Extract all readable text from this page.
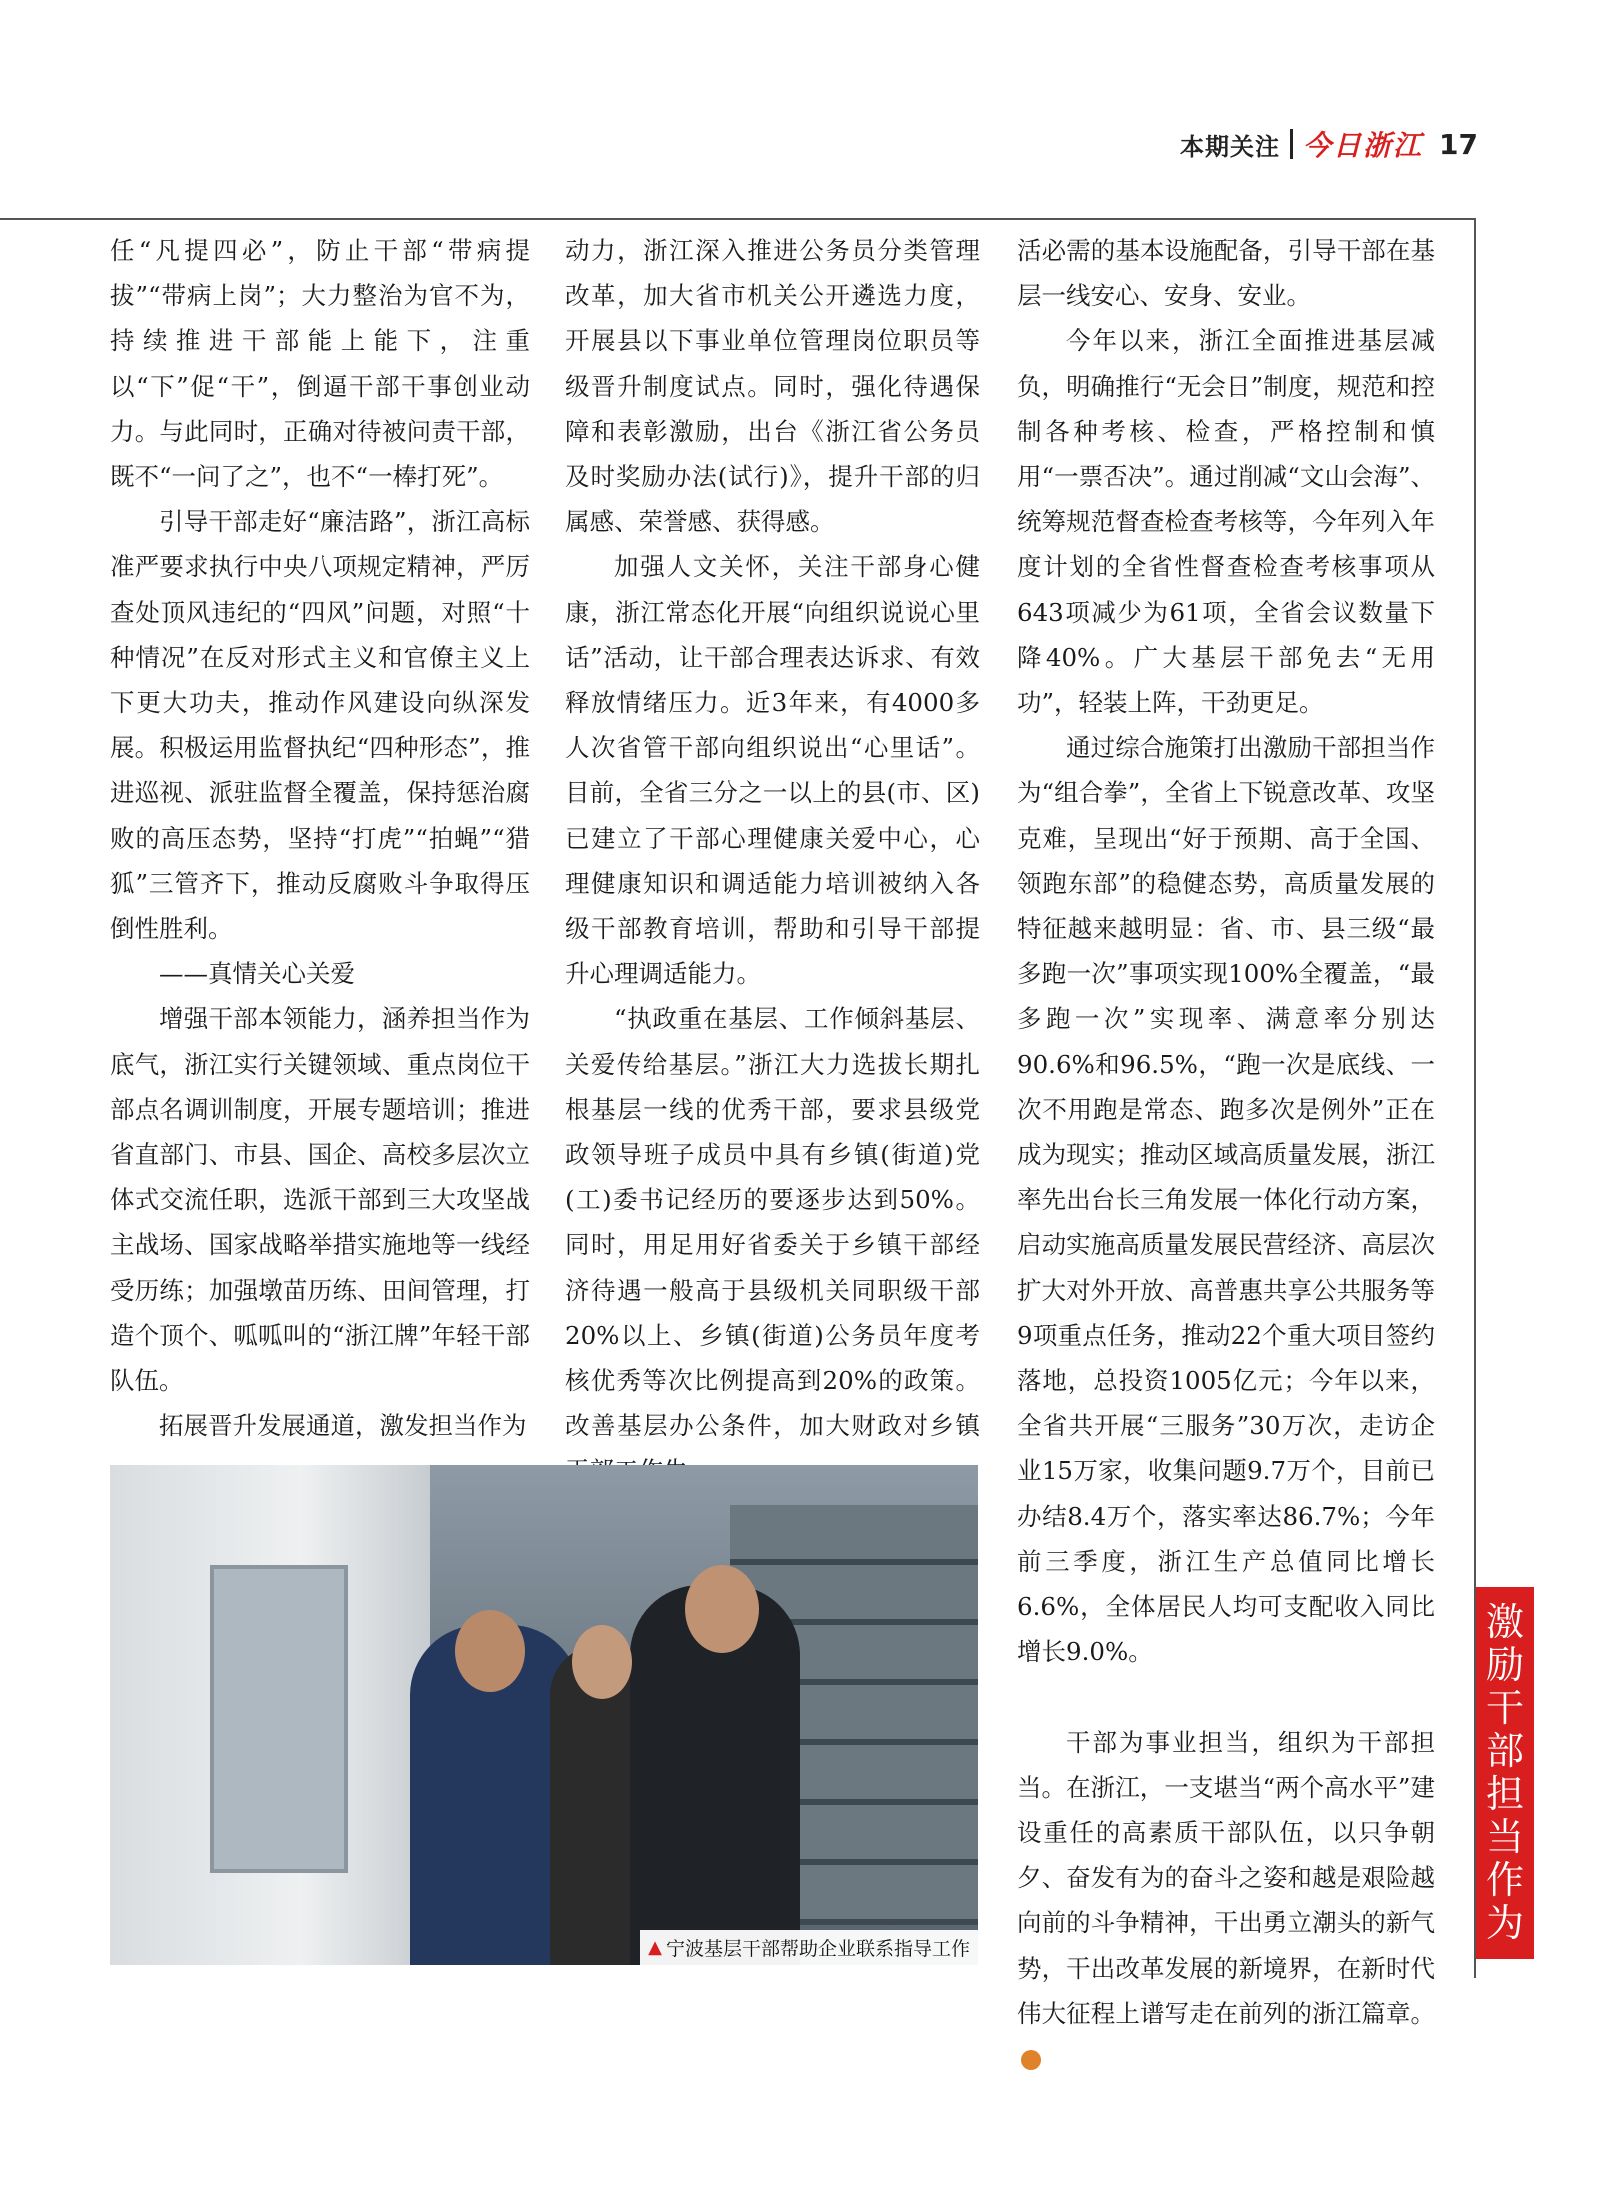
本期关注 今日浙江 17

任“凡提四必”，防止干部“带病提拔”“带病上岗”；大力整治为官不为，持续推进干部能上能下，注重以“下”促“干”，倒逼干部干事创业动力。与此同时，正确对待被问责干部，既不“一问了之”，也不“一棒打死”。

引导干部走好“廉洁路”，浙江高标准严要求执行中央八项规定精神，严厉查处顶风违纪的“四风”问题，对照“十种情况”在反对形式主义和官僚主义上下更大功夫，推动作风建设向纵深发展。积极运用监督执纪“四种形态”，推进巡视、派驻监督全覆盖，保持惩治腐败的高压态势，坚持“打虎”“拍蝇”“猎狐”三管齐下，推动反腐败斗争取得压倒性胜利。

——真情关心关爱

增强干部本领能力，涵养担当作为底气，浙江实行关键领域、重点岗位干部点名调训制度，开展专题培训；推进省直部门、市县、国企、高校多层次立体式交流任职，选派干部到三大攻坚战主战场、国家战略举措实施地等一线经受历练；加强墩苗历练、田间管理，打造个顶个、呱呱叫的“浙江牌”年轻干部队伍。

拓展晋升发展通道，激发担当作为

动力，浙江深入推进公务员分类管理改革，加大省市机关公开遴选力度，开展县以下事业单位管理岗位职员等级晋升制度试点。同时，强化待遇保障和表彰激励，出台《浙江省公务员及时奖励办法(试行)》，提升干部的归属感、荣誉感、获得感。

加强人文关怀，关注干部身心健康，浙江常态化开展“向组织说说心里话”活动，让干部合理表达诉求、有效释放情绪压力。近3年来，有4000多人次省管干部向组织说出“心里话”。目前，全省三分之一以上的县(市、区)已建立了干部心理健康关爱中心，心理健康知识和调适能力培训被纳入各级干部教育培训，帮助和引导干部提升心理调适能力。

“执政重在基层、工作倾斜基层、关爱传给基层。”浙江大力选拔长期扎根基层一线的优秀干部，要求县级党政领导班子成员中具有乡镇(街道)党(工)委书记经历的要逐步达到50%。同时，用足用好省委关于乡镇干部经济待遇一般高于县级机关同职级干部20%以上、乡镇(街道)公务员年度考核优秀等次比例提高到20%的政策。改善基层办公条件，加大财政对乡镇

活必需的基本设施配备，引导干部在基层一线安心、安身、安业。

今年以来，浙江全面推进基层减负，明确推行“无会日”制度，规范和控制各种考核、检查，严格控制和慎用“一票否决”。通过削减“文山会海”、统筹规范督查检查考核等，今年列入年度计划的全省性督查检查考核事项从643项减少为61项，全省会议数量下降40%。广大基层干部免去“无用功”，轻装上阵，干劲更足。

通过综合施策打出激励干部担当作为“组合拳”，全省上下锐意改革、攻坚克难，呈现出“好于预期、高于全国、领跑东部”的稳健态势，高质量发展的特征越来越明显：省、市、县三级“最多跑一次”事项实现100%全覆盖，“最多跑一次”实现率、满意率分别达90.6%和96.5%，“跑一次是底线、一次不用跑是常态、跑多次是例外”正在成为现实；推动区域高质量发展，浙江率先出台长三角发展一体化行动方案，启动实施高质量发展民营经济、高层次扩大对外开放、高普惠共享公共服务等9项重点任务，推动22个重大项目签约落地，总投资1005亿元；今年以来，全省共开展“三服务”30万次，走访企业15万家，收集问题9.7万个，目前已办结8.4万个，落实率达86.7%；今年前三季度，浙江生产总值同比增长6.6%，全体居民人均可支配收入同比增长9.0%。

干部为事业担当，组织为干部担当。在浙江，一支堪当“两个高水平”建设重任的高素质干部队伍，以只争朝夕、奋发有为的奋斗之姿和越是艰险越向前的斗争精神，干出勇立潮头的新气势，干出改革发展的新境界，在新时代伟大征程上谱写走在前列的浙江篇章。

▲ 宁波基层干部帮助企业联系指导工作
激
励
干
部
担
当
作
为
